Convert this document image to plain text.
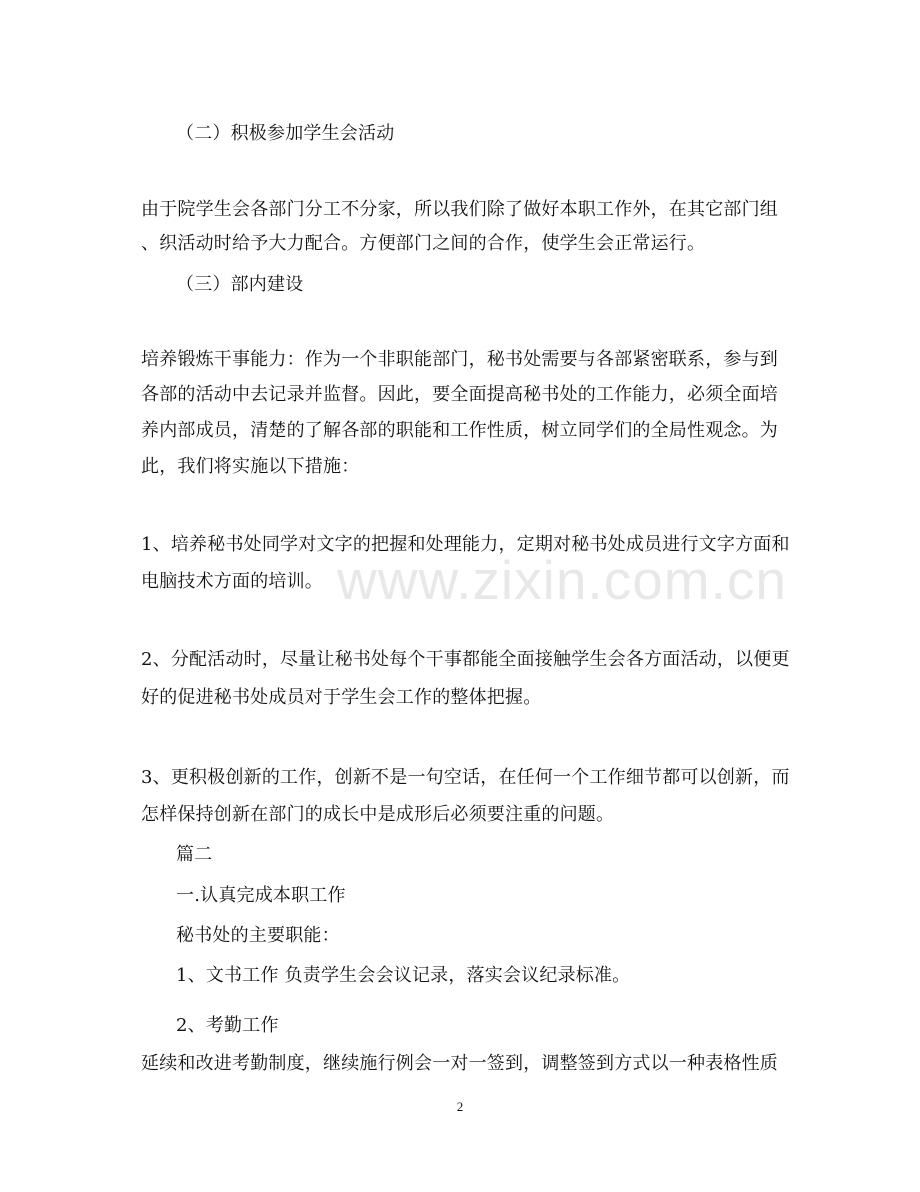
www.zixin.com.cn
（二）积极参加学生会活动
由于院学生会各部门分工不分家，所以我们除了做好本职工作外，在其它部门组
、织活动时给予大力配合。方便部门之间的合作，使学生会正常运行。
（三）部内建设
培养锻炼干事能力：作为一个非职能部门，秘书处需要与各部紧密联系，参与到
各部的活动中去记录并监督。因此，要全面提高秘书处的工作能力，必须全面培
养内部成员，清楚的了解各部的职能和工作性质，树立同学们的全局性观念。为
此，我们将实施以下措施：
1、培养秘书处同学对文字的把握和处理能力，定期对秘书处成员进行文字方面和
电脑技术方面的培训。
2、分配活动时，尽量让秘书处每个干事都能全面接触学生会各方面活动，以便更
好的促进秘书处成员对于学生会工作的整体把握。
3、更积极创新的工作，创新不是一句空话，在任何一个工作细节都可以创新，而
怎样保持创新在部门的成长中是成形后必须要注重的问题。
篇二
一.认真完成本职工作
秘书处的主要职能：
1、文书工作 负责学生会会议记录，落实会议纪录标准。
2、考勤工作
延续和改进考勤制度，继续施行例会一对一签到，调整签到方式以一种表格性质
2
